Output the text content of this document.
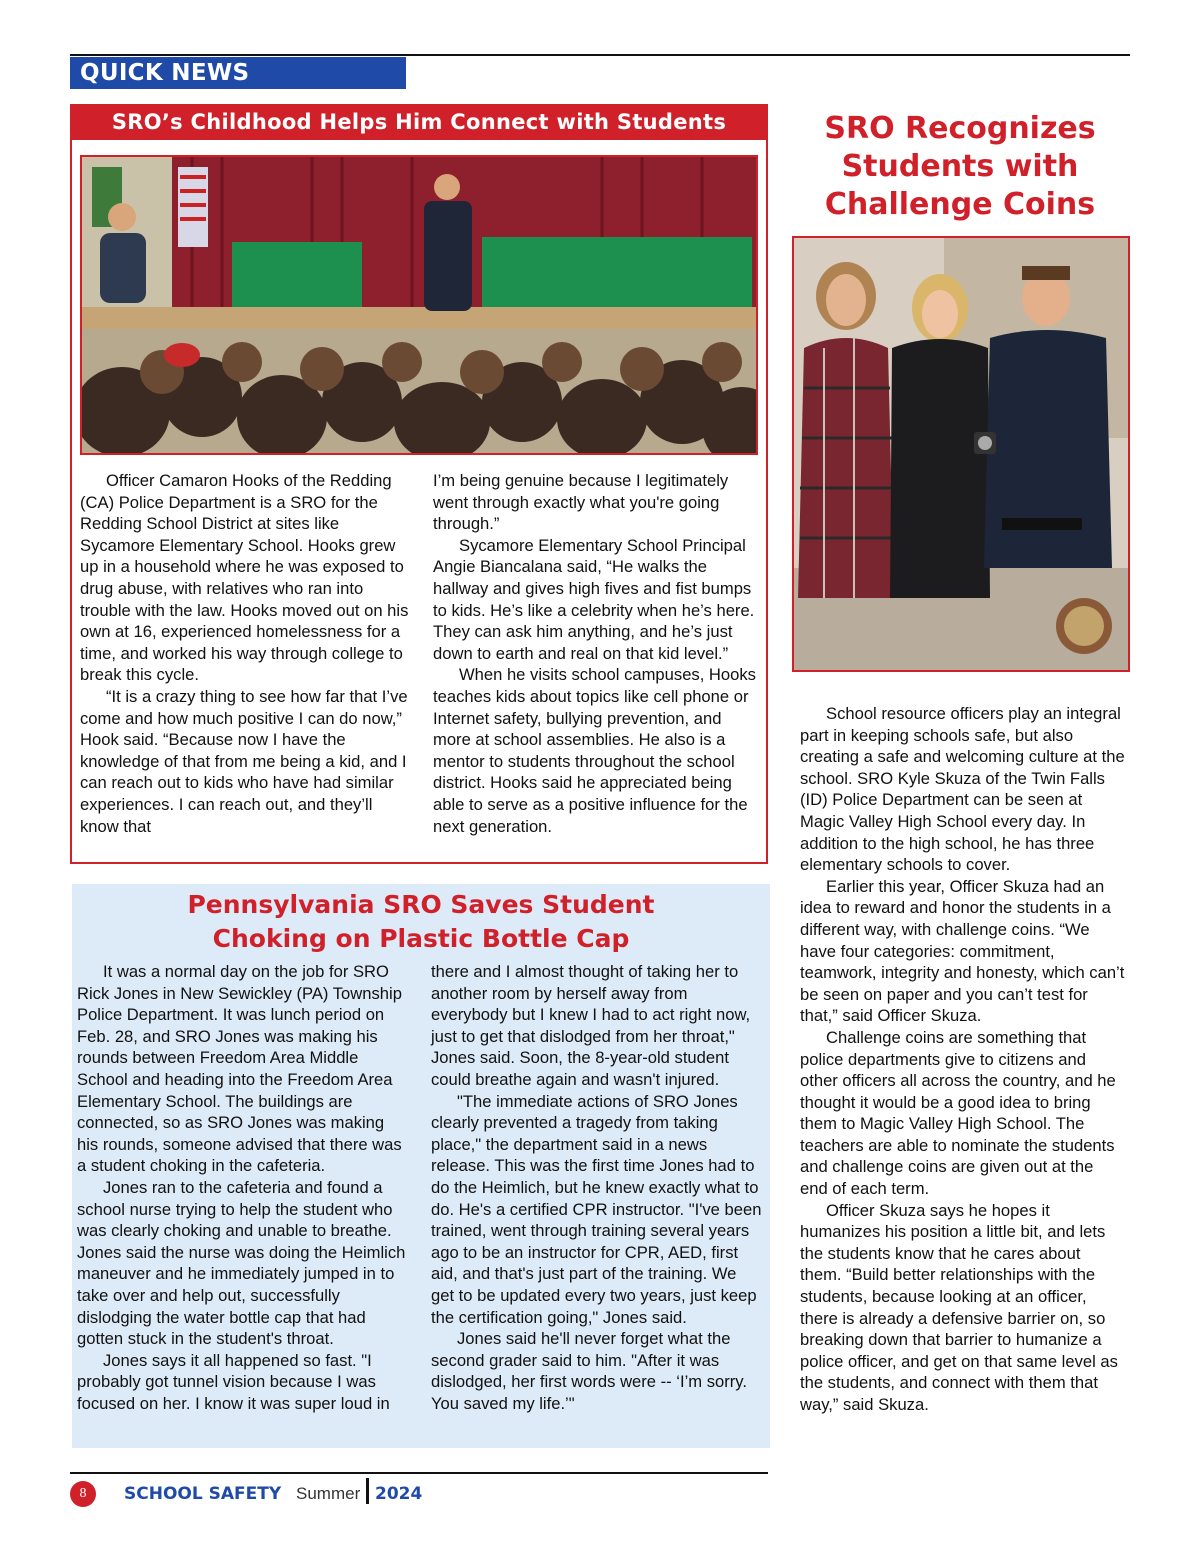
QUICK NEWS
SRO’s Childhood Helps Him Connect with Students

Officer Camaron Hooks of the Redding (CA) Police Department is a SRO for the Redding School District at sites like Sycamore Elementary School. Hooks grew up in a household where he was exposed to drug abuse, with relatives who ran into trouble with the law. Hooks moved out on his own at 16, experienced homelessness for a time, and worked his way through college to break this cycle.

“It is a crazy thing to see how far that I’ve come and how much positive I can do now,” Hook said. “Because now I have the knowledge of that from me being a kid, and I can reach out to kids who have had similar experiences. I can reach out, and they’ll know that

I’m being genuine because I legitimately went through exactly what you're going through.”

Sycamore Elementary School Principal Angie Biancalana said, “He walks the hallway and gives high fives and fist bumps to kids. He’s like a celebrity when he’s here. They can ask him anything, and he’s just down to earth and real on that kid level.”

When he visits school campuses, Hooks teaches kids about topics like cell phone or Internet safety, bullying prevention, and more at school assemblies. He also is a mentor to students throughout the school district. Hooks said he appreciated being able to serve as a positive influence for the next generation.

SRO Recognizes
Students with
Challenge Coins

School resource officers play an integral part in keeping schools safe, but also creating a safe and welcoming culture at the school. SRO Kyle Skuza of the Twin Falls (ID) Police Department can be seen at Magic Valley High School every day. In addition to the high school, he has three elementary schools to cover.

Earlier this year, Officer Skuza had an idea to reward and honor the students in a different way, with challenge coins. “We have four categories: commitment, teamwork, integrity and honesty, which can’t be seen on paper and you can’t test for that,” said Officer Skuza.

Challenge coins are something that police departments give to citizens and other officers all across the country, and he thought it would be a good idea to bring them to Magic Valley High School. The teachers are able to nominate the students and challenge coins are given out at the end of each term.

Officer Skuza says he hopes it humanizes his position a little bit, and lets the students know that he cares about them. “Build better relationships with the students, because looking at an officer, there is already a defensive barrier on, so breaking down that barrier to humanize a police officer, and get on that same level as the students, and connect with them that way,” said Skuza.

Pennsylvania SRO Saves Student
Choking on Plastic Bottle Cap

It was a normal day on the job for SRO Rick Jones in New Sewickley (PA) Township Police Department. It was lunch period on Feb. 28, and SRO Jones was making his rounds between Freedom Area Middle School and heading into the Freedom Area Elementary School. The buildings are connected, so as SRO Jones was making his rounds, someone advised that there was a student choking in the cafeteria.

Jones ran to the cafeteria and found a school nurse trying to help the student who was clearly choking and unable to breathe. Jones said the nurse was doing the Heimlich maneuver and he immediately jumped in to take over and help out, successfully dislodging the water bottle cap that had gotten stuck in the student's throat.

Jones says it all happened so fast. "I probably got tunnel vision because I was focused on her. I know it was super loud in

there and I almost thought of taking her to another room by herself away from everybody but I knew I had to act right now, just to get that dislodged from her throat," Jones said. Soon, the 8-year-old student could breathe again and wasn't injured.

"The immediate actions of SRO Jones clearly prevented a tragedy from taking place," the department said in a news release. This was the first time Jones had to do the Heimlich, but he knew exactly what to do. He's a certified CPR instructor. "I've been trained, went through training several years ago to be an instructor for CPR, AED, first aid, and that's just part of the training. We get to be updated every two years, just keep the certification going," Jones said.

Jones said he'll never forget what the second grader said to him. "After it was dislodged, her first words were -- ‘I’m sorry. You saved my life.’"

8	SCHOOL SAFETY Summer 2024
